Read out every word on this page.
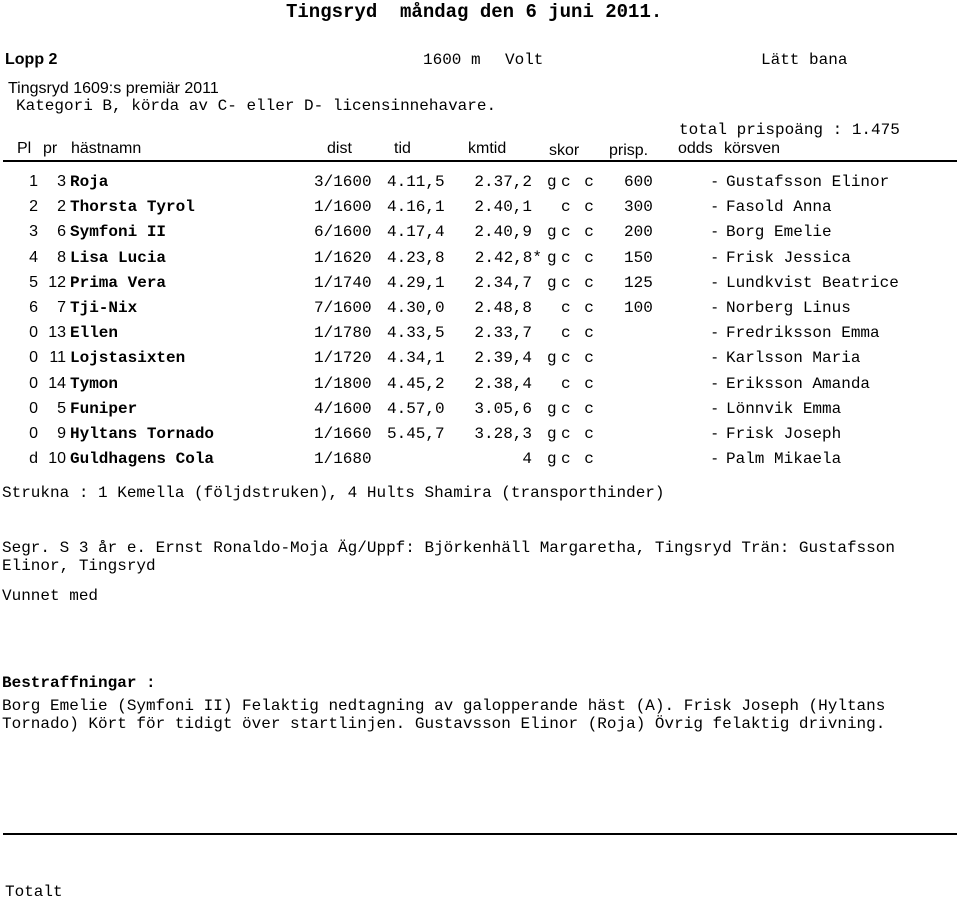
Tingsryd  måndag den 6 juni 2011.
Lopp 2	1600 m Volt	Lätt bana
Tingsryd 1609:s premiär 2011
Kategori B, körda av C- eller D- licensinnehavare.
total prispoäng : 1.475
Pl pr hästnamn	dist	tid	kmtid	skor prisp. odds körsven
1	3 Roja	3/1600 4.11,5	2.37,2 g c c 600	- Gustafsson Elinor
2	2 Thorsta Tyrol	1/1600 4.16,1	2.40,1 c c 300	- Fasold Anna
3	6 Symfoni II	6/1600 4.17,4	2.40,9 g c c 200	- Borg Emelie
4	8 Lisa Lucia	1/1620 4.23,8	2.42,8* g c c 150	- Frisk Jessica
5 12 Prima Vera	1/1740 4.29,1	2.34,7 g c c 125	- Lundkvist Beatrice
6	7 Tji-Nix	7/1600 4.30,0	2.48,8 c c 100	- Norberg Linus
0 13 Ellen	1/1780 4.33,5	2.33,7 c c	- Fredriksson Emma
0 11 Lojstasixten	1/1720 4.34,1	2.39,4 g c c	- Karlsson Maria
0 14 Tymon	1/1800 4.45,2	2.38,4 c c	- Eriksson Amanda
0	5 Funiper	4/1600 4.57,0	3.05,6 g c c	- Lönnvik Emma
0	9 Hyltans Tornado	1/1660 5.45,7	3.28,3 g c c	- Frisk Joseph
d 10 Guldhagens Cola	1/1680	4 g c c	- Palm Mikaela
Strukna : 1 Kemella (följdstruken), 4 Hults Shamira (transporthinder)
Segr. S 3 år e. Ernst Ronaldo-Moja Äg/Uppf: Björkenhäll Margaretha, Tingsryd Trän: Gustafsson Elinor, Tingsryd
Vunnet med
Bestraffningar :
Borg Emelie (Symfoni II) Felaktig nedtagning av galopperande häst (A). Frisk Joseph (Hyltans Tornado) Kört för tidigt över startlinjen. Gustavsson Elinor (Roja) Övrig felaktig drivning.
Totalt
